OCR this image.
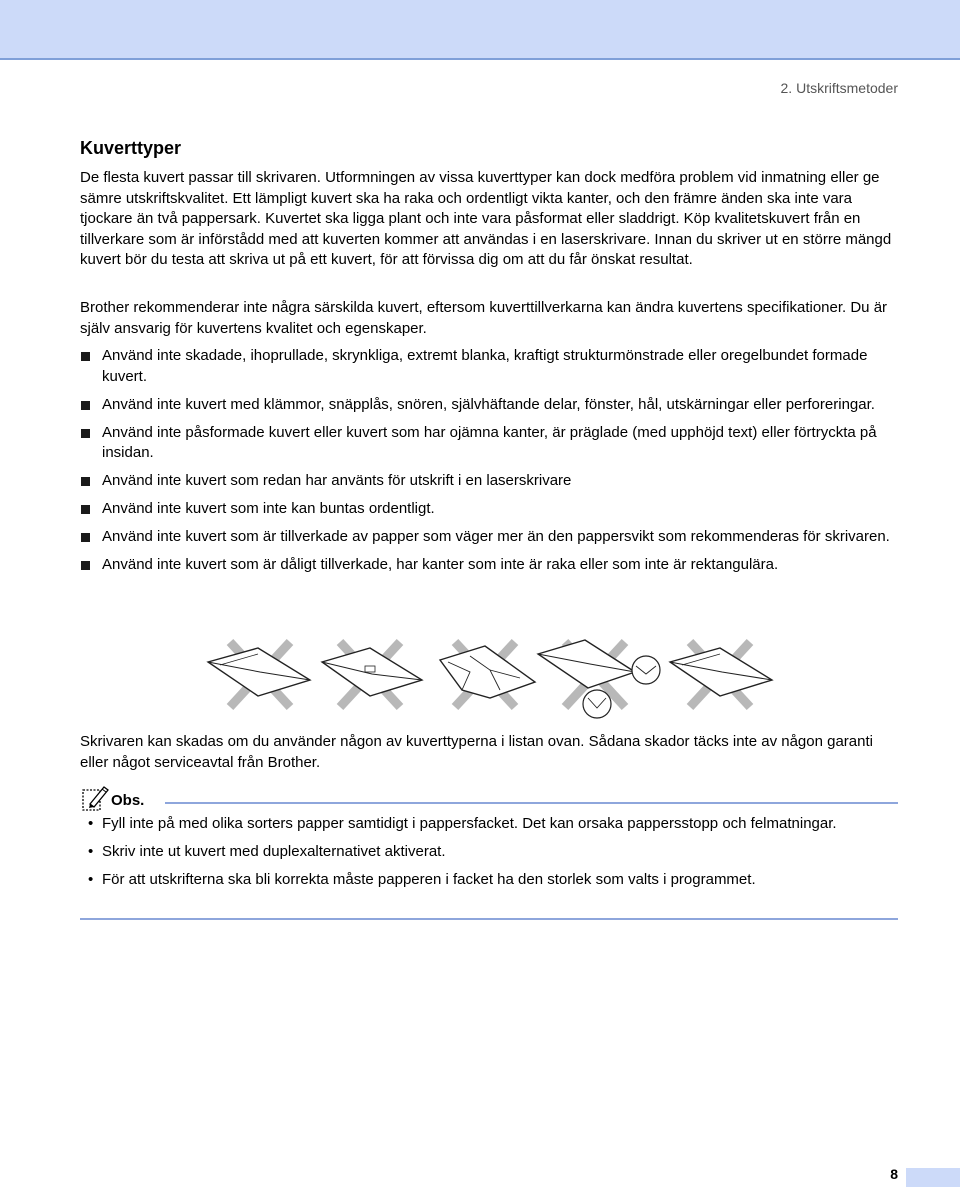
2. Utskriftsmetoder
Kuverttyper
De flesta kuvert passar till skrivaren. Utformningen av vissa kuverttyper kan dock medföra problem vid inmatning eller ge sämre utskriftskvalitet. Ett lämpligt kuvert ska ha raka och ordentligt vikta kanter, och den främre änden ska inte vara tjockare än två pappersark. Kuvertet ska ligga plant och inte vara påsformat eller sladdrigt. Köp kvalitetskuvert från en tillverkare som är införstådd med att kuverten kommer att användas i en laserskrivare. Innan du skriver ut en större mängd kuvert bör du testa att skriva ut på ett kuvert, för att förvissa dig om att du får önskat resultat.
Brother rekommenderar inte några särskilda kuvert, eftersom kuverttillverkarna kan ändra kuvertens specifikationer. Du är själv ansvarig för kuvertens kvalitet och egenskaper.
Använd inte skadade, ihoprullade, skrynkliga, extremt blanka, kraftigt strukturmönstrade eller oregelbundet formade kuvert.
Använd inte kuvert med klämmor, snäpplås, snören, självhäftande delar, fönster, hål, utskärningar eller perforeringar.
Använd inte påsformade kuvert eller kuvert som har ojämna kanter, är präglade (med upphöjd text) eller förtryckta på insidan.
Använd inte kuvert som redan har använts för utskrift i en laserskrivare
Använd inte kuvert som inte kan buntas ordentligt.
Använd inte kuvert som är tillverkade av papper som väger mer än den pappersvikt som rekommenderas för skrivaren.
Använd inte kuvert som är dåligt tillverkade, har kanter som inte är raka eller som inte är rektangulära.
Skrivaren kan skadas om du använder någon av kuverttyperna i listan ovan. Sådana skador täcks inte av någon garanti eller något serviceavtal från Brother.
Obs.
• Fyll inte på med olika sorters papper samtidigt i pappersfacket. Det kan orsaka pappersstopp och felmatningar.
• Skriv inte ut kuvert med duplexalternativet aktiverat.
• För att utskrifterna ska bli korrekta måste papperen i facket ha den storlek som valts i programmet.
8
